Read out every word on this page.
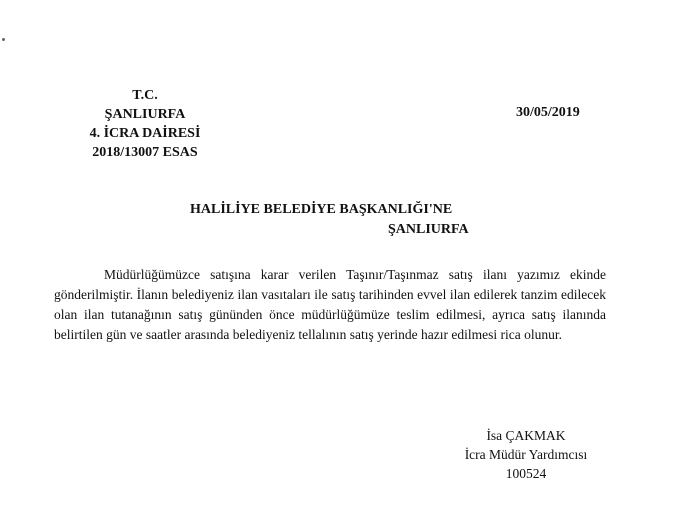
T.C.
ŞANLIURFA
4. İCRA DAİRESİ
2018/13007 ESAS
30/05/2019
HALİLİYE BELEDİYE BAŞKANLIĞI'NE
ŞANLIURFA

Müdürlüğümüzce satışına karar verilen Taşınır/Taşınmaz satış ilanı yazımız ekinde gönderilmiştir. İlanın belediyeniz ilan vasıtaları ile satış tarihinden evvel ilan edilerek tanzim edilecek olan ilan tutanağının satış gününden önce müdürlüğümüze teslim edilmesi, ayrıca satış ilanında belirtilen gün ve saatler arasında belediyeniz tellalının satış yerinde hazır edilmesi rica olunur.

İsa ÇAKMAK
İcra Müdür Yardımcısı
100524
